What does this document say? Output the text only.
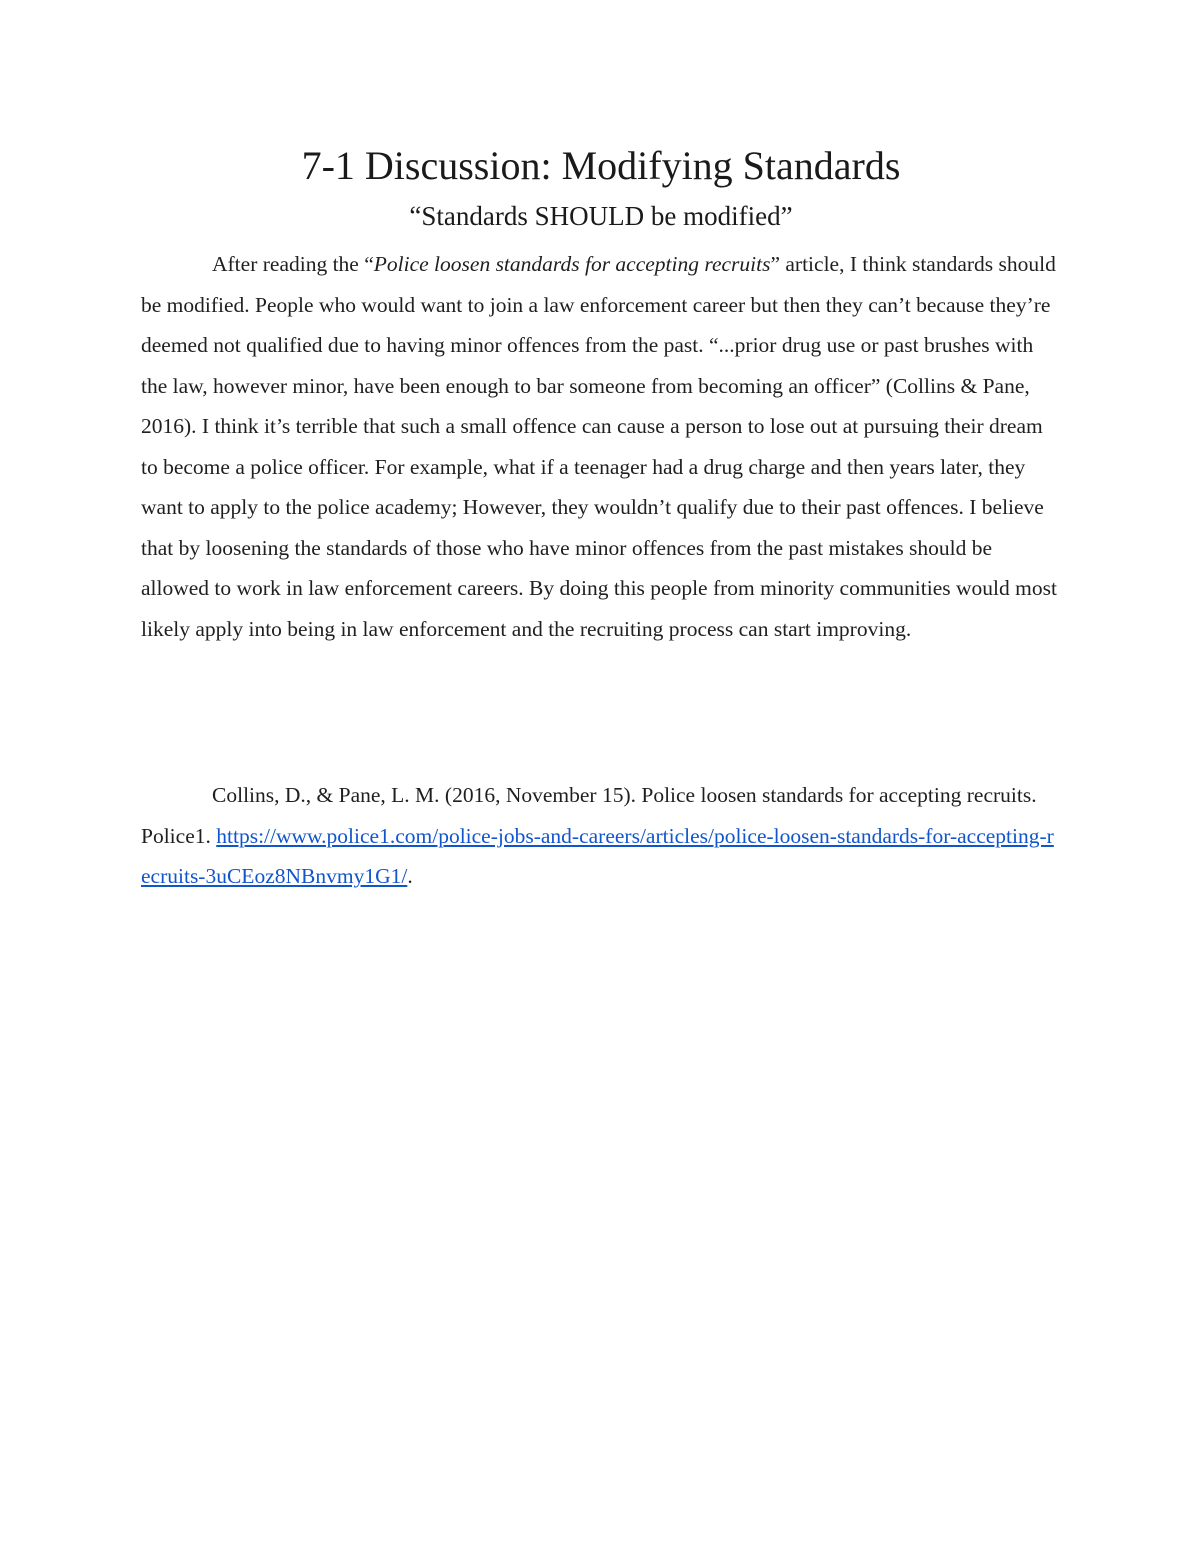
7-1 Discussion: Modifying Standards
“Standards SHOULD be modified”

After reading the “Police loosen standards for accepting recruits” article, I think standards should be modified. People who would want to join a law enforcement career but then they can’t because they’re deemed not qualified due to having minor offences from the past. “...prior drug use or past brushes with the law, however minor, have been enough to bar someone from becoming an officer” (Collins & Pane, 2016). I think it’s terrible that such a small offence can cause a person to lose out at pursuing their dream to become a police officer. For example, what if a teenager had a drug charge and then years later, they want to apply to the police academy; However, they wouldn’t qualify due to their past offences. I believe that by loosening the standards of those who have minor offences from the past mistakes should be allowed to work in law enforcement careers. By doing this people from minority communities would most likely apply into being in law enforcement and the recruiting process can start improving.

Collins, D., & Pane, L. M. (2016, November 15). Police loosen standards for accepting recruits. Police1. https://www.police1.com/police-jobs-and-careers/articles/police-loosen-standards-for-accepting-recruits-3uCEoz8NBnvmy1G1/.
